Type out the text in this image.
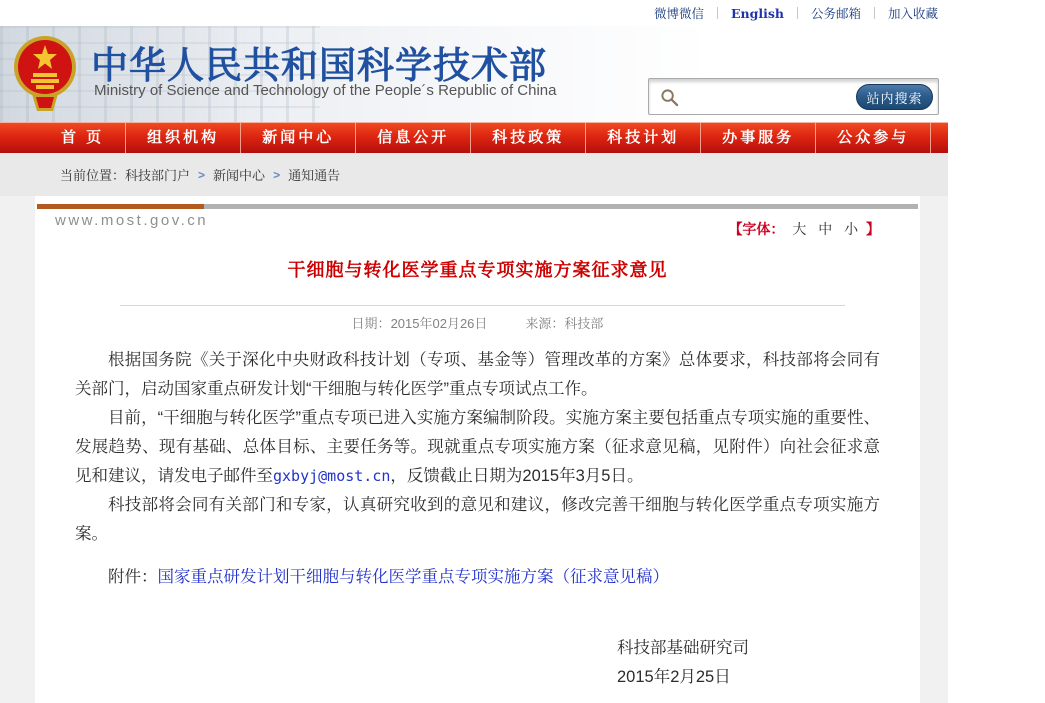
微博微信 English 公务邮箱 加入收藏
中华人民共和国科学技术部
Ministry of Science and Technology of the People´s Republic of China	站内搜索
首 页	组织机构	新闻中心	信息公开	科技政策	科技计划	办事服务	公众参与	专题专栏
当前位置： 科技部门户 > 新闻中心 > 通知通告
www.most.gov.cn	【字体： 大 中 小 】
干细胞与转化医学重点专项实施方案征求意见
日期：2015年02月26日	来源：科技部

根据国务院《关于深化中央财政科技计划（专项、基金等）管理改革的方案》总体要求，科技部将会同有关部门，启动国家重点研发计划“干细胞与转化医学”重点专项试点工作。

目前，“干细胞与转化医学”重点专项已进入实施方案编制阶段。实施方案主要包括重点专项实施的重要性、发展趋势、现有基础、总体目标、主要任务等。现就重点专项实施方案（征求意见稿，见附件）向社会征求意见和建议，请发电子邮件至gxbyj@most.cn，反馈截止日期为2015年3月5日。

科技部将会同有关部门和专家，认真研究收到的意见和建议，修改完善干细胞与转化医学重点专项实施方案。

附件：国家重点研发计划干细胞与转化医学重点专项实施方案（征求意见稿）
科技部基础研究司
2015年2月25日
